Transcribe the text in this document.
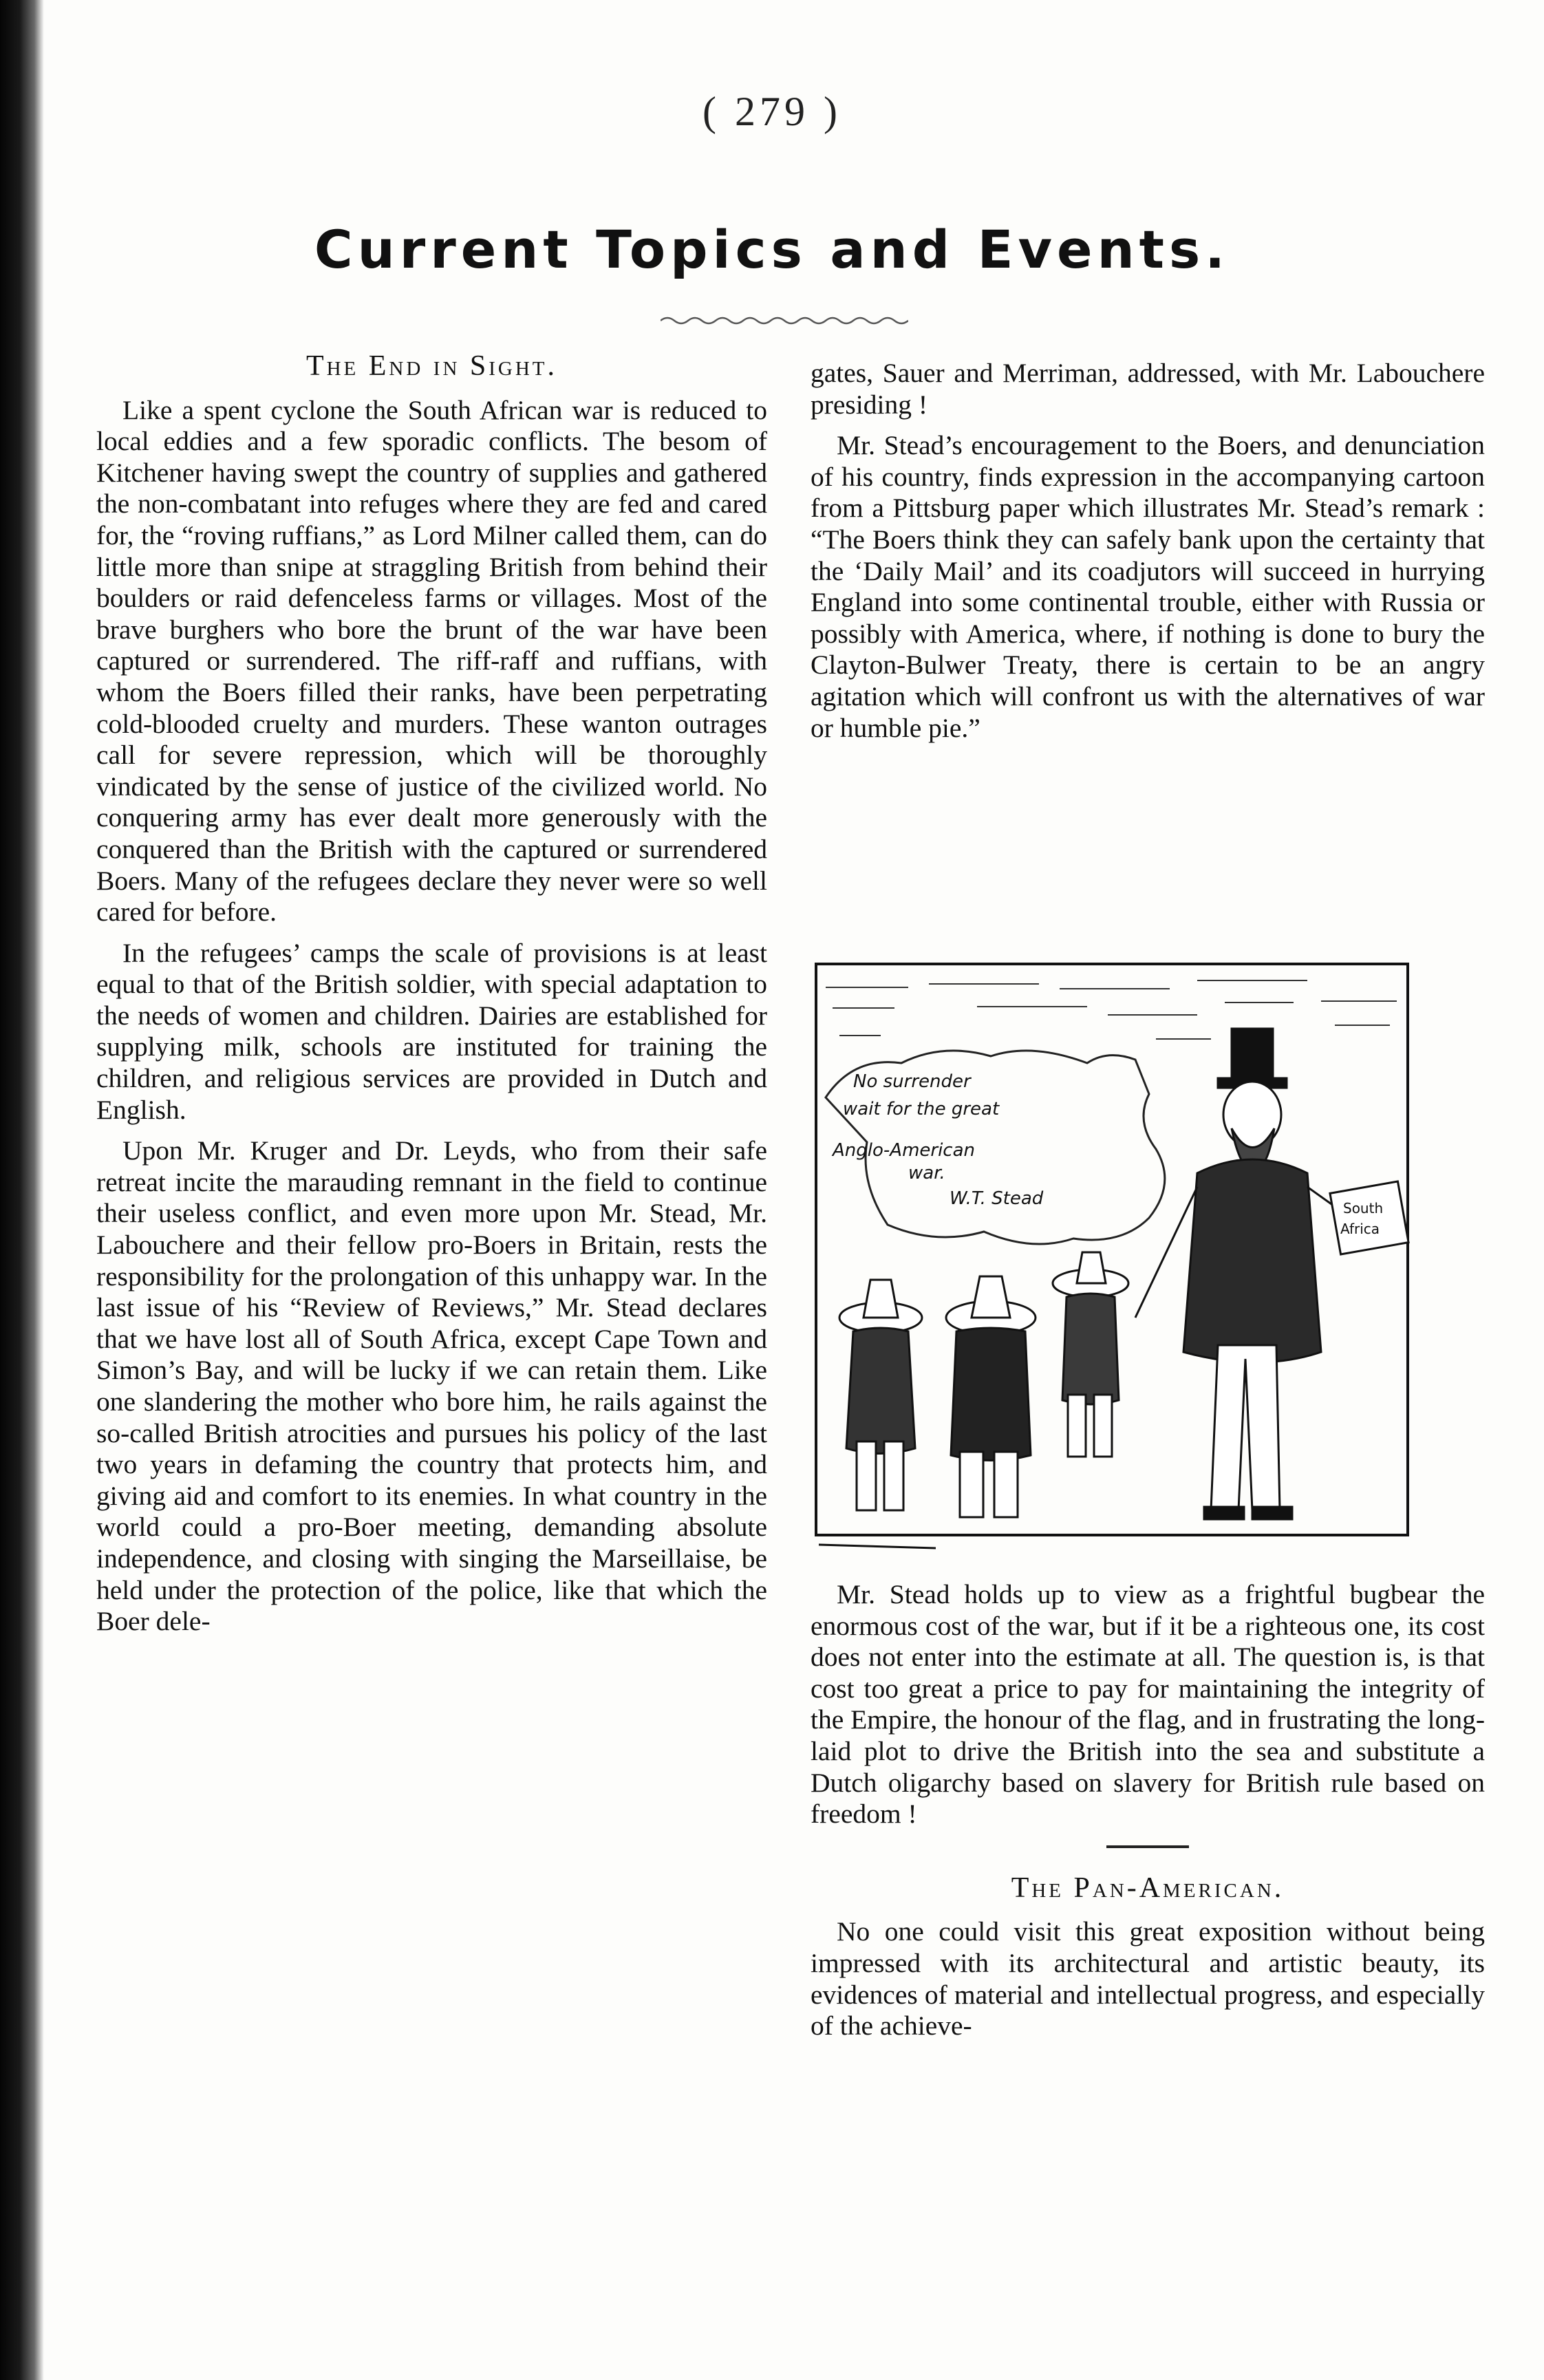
( 279 )
Current Topics and Events.
The End in Sight.

Like a spent cyclone the South African war is reduced to local eddies and a few sporadic conflicts. The besom of Kitchener having swept the country of supplies and gathered the non-combatant into refuges where they are fed and cared for, the “roving ruffians,” as Lord Milner called them, can do little more than snipe at straggling British from behind their boulders or raid defenceless farms or villages. Most of the brave burghers who bore the brunt of the war have been captured or surrendered. The riff-raff and ruffians, with whom the Boers filled their ranks, have been perpetrating cold-blooded cruelty and murders. These wanton outrages call for severe repression, which will be thoroughly vindicated by the sense of justice of the civilized world. No conquering army has ever dealt more generously with the conquered than the British with the captured or surrendered Boers. Many of the refugees declare they never were so well cared for before.

In the refugees’ camps the scale of provisions is at least equal to that of the British soldier, with special adaptation to the needs of women and children. Dairies are established for supplying milk, schools are instituted for training the children, and religious services are provided in Dutch and English.

Upon Mr. Kruger and Dr. Leyds, who from their safe retreat incite the marauding remnant in the field to continue their useless conflict, and even more upon Mr. Stead, Mr. Labouchere and their fellow pro-Boers in Britain, rests the responsibility for the prolongation of this unhappy war. In the last issue of his “Review of Reviews,” Mr. Stead declares that we have lost all of South Africa, except Cape Town and Simon’s Bay, and will be lucky if we can retain them. Like one slandering the mother who bore him, he rails against the so-called British atrocities and pursues his policy of the last two years in defaming the country that protects him, and giving aid and comfort to its enemies. In what country in the world could a pro-Boer meeting, demanding absolute independence, and closing with singing the Marseillaise, be held under the protection of the police, like that which the Boer dele-

gates, Sauer and Merriman, addressed, with Mr. Labouchere presiding !

Mr. Stead’s encouragement to the Boers, and denunciation of his country, finds expression in the accompanying cartoon from a Pittsburg paper which illustrates Mr. Stead’s remark : “The Boers think they can safely bank upon the certainty that the ‘Daily Mail’ and its coadjutors will succeed in hurrying England into some continental trouble, either with Russia or possibly with America, where, if nothing is done to bury the Clayton-Bulwer Treaty, there is certain to be an angry agitation which will confront us with the alternatives of war or humble pie.”

No surrender
wait for the great
Anglo-American
war.
W.T. Stead	South
Africa

Mr. Stead holds up to view as a frightful bugbear the enormous cost of the war, but if it be a righteous one, its cost does not enter into the estimate at all. The question is, is that cost too great a price to pay for maintaining the integrity of the Empire, the honour of the flag, and in frustrating the long-laid plot to drive the British into the sea and substitute a Dutch oligarchy based on slavery for British rule based on freedom !

The Pan-American.

No one could visit this great exposition without being impressed with its architectural and artistic beauty, its evidences of material and intellectual progress, and especially of the achieve-
